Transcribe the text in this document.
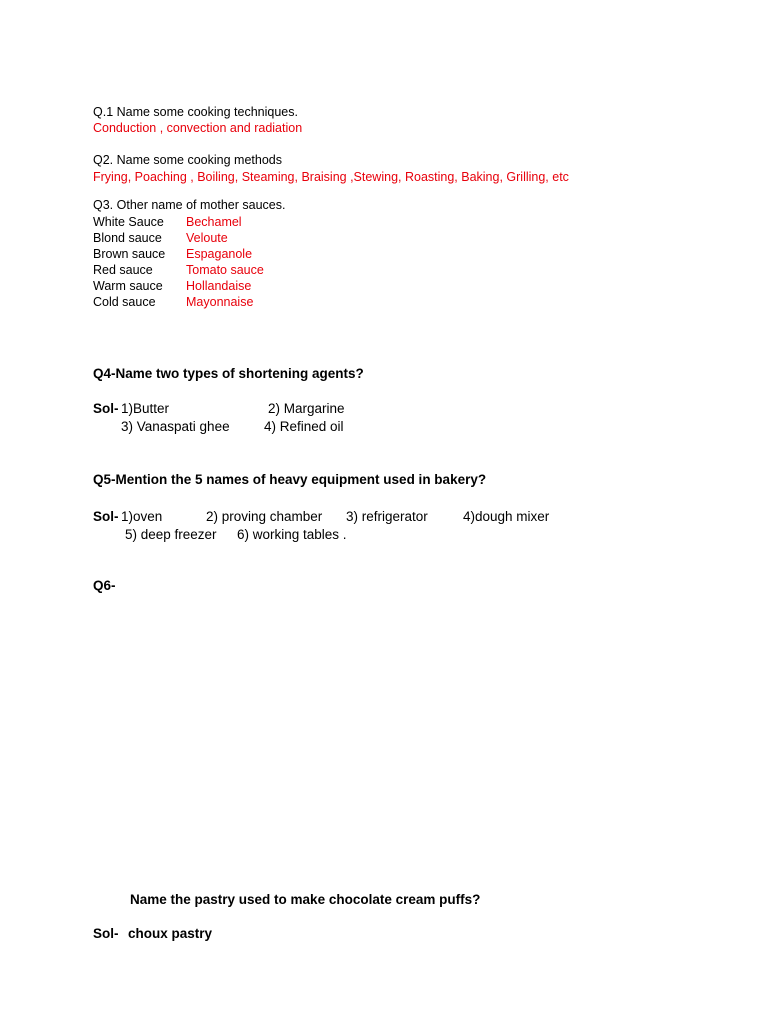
Q.1 Name some cooking techniques.
Conduction , convection and radiation
Q2. Name some cooking methods
Frying, Poaching , Boiling, Steaming, Braising ,Stewing, Roasting, Baking, Grilling, etc
Q3. Other name of mother sauces.
White Sauce Bechamel
Blond sauce Veloute
Brown sauce Espaganole
Red sauce	Tomato sauce
Warm sauce Hollandaise
Cold sauce Mayonnaise
Q4-Name two types of shortening agents?
Sol- 1)Butter	2) Margarine
3) Vanaspati ghee	4) Refined oil
Q5-Mention the 5 names of heavy equipment used in bakery?
Sol- 1)oven	2) proving chamber 3) refrigerator	4)dough mixer
5) deep freezer 6) working tables .
Q6-
Name the pastry used to make chocolate cream puffs?
Sol- choux pastry
